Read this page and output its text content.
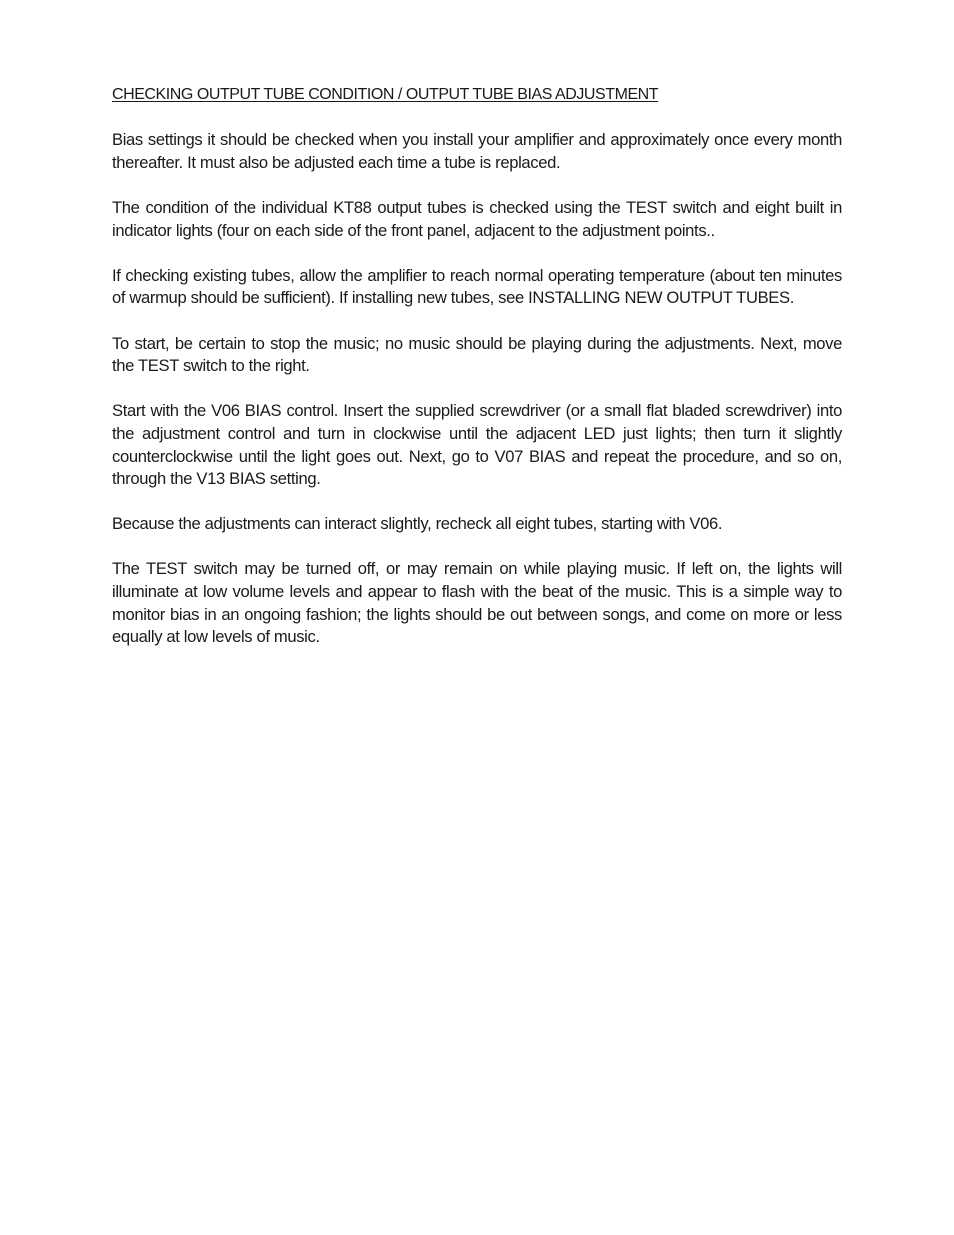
CHECKING OUTPUT TUBE CONDITION / OUTPUT TUBE BIAS ADJUSTMENT

Bias settings it should be checked when you install your amplifier and approximately once every month thereafter. It must also be adjusted each time a tube is replaced.

The condition of the individual KT88 output tubes is checked using the TEST switch and eight built in indicator lights (four on each side of the front panel, adjacent to the adjustment points..

If checking existing tubes, allow the amplifier to reach normal operating temperature (about ten minutes of warmup should be sufficient). If installing new tubes, see INSTALLING NEW OUTPUT TUBES.

To start, be certain to stop the music; no music should be playing during the adjustments. Next, move the TEST switch to the right.

Start with the V06 BIAS control. Insert the supplied screwdriver (or a small flat bladed screwdriver) into the adjustment control and turn in clockwise until the adjacent LED just lights; then turn it slightly counterclockwise until the light goes out. Next, go to V07 BIAS and repeat the procedure, and so on, through the V13 BIAS setting.

Because the adjustments can interact slightly, recheck all eight tubes, starting with V06.

The TEST switch may be turned off, or may remain on while playing music. If left on, the lights will illuminate at low volume levels and appear to flash with the beat of the music. This is a simple way to monitor bias in an ongoing fashion; the lights should be out between songs, and come on more or less equally at low levels of music.
